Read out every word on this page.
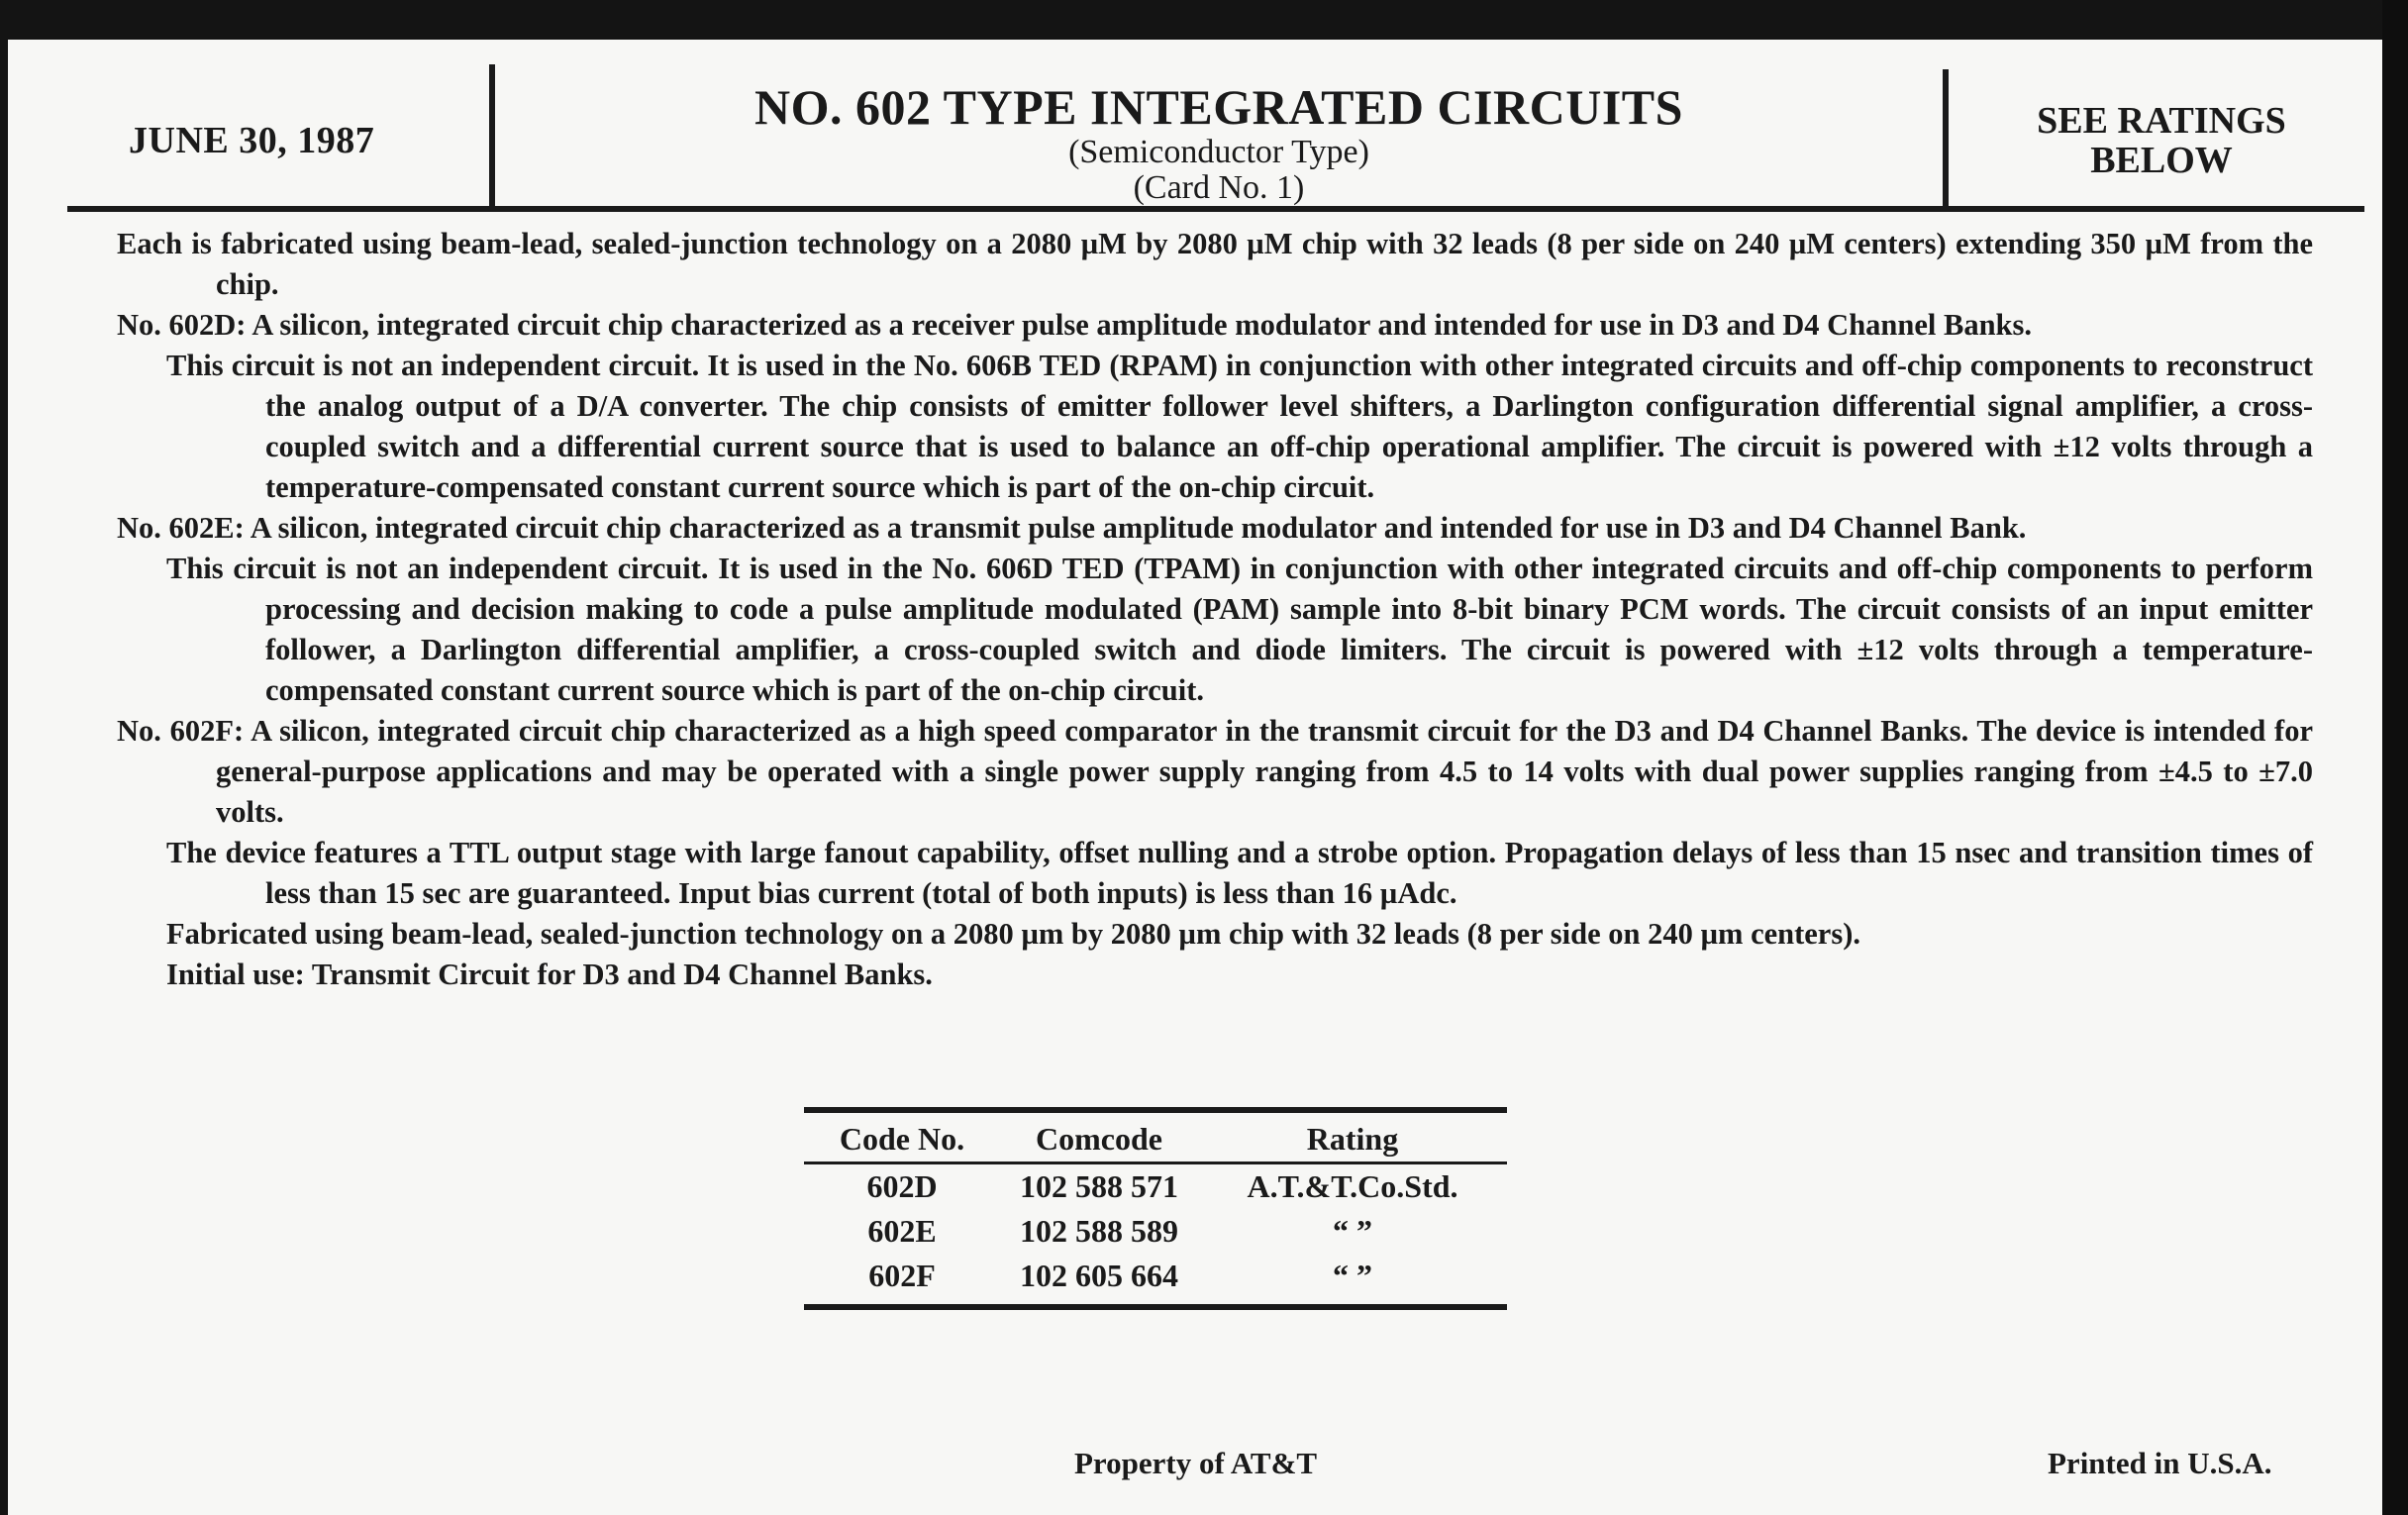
JUNE 30, 1987
NO. 602 TYPE INTEGRATED CIRCUITS
(Semiconductor Type)
(Card No. 1)
SEE RATINGS
BELOW

Each is fabricated using beam-lead, sealed-junction technology on a 2080 µM by 2080 µM chip with 32 leads (8 per side on 240 µM centers) extending 350 µM from the chip.

No. 602D: A silicon, integrated circuit chip characterized as a receiver pulse amplitude modulator and intended for use in D3 and D4 Channel Banks.

This circuit is not an independent circuit. It is used in the No. 606B TED (RPAM) in conjunction with other integrated circuits and off-chip components to reconstruct the analog output of a D/A converter. The chip consists of emitter follower level shifters, a Darlington configuration differential signal amplifier, a cross-coupled switch and a differential current source that is used to balance an off-chip operational amplifier. The circuit is powered with ±12 volts through a temperature-compensated constant current source which is part of the on-chip circuit.

No. 602E: A silicon, integrated circuit chip characterized as a transmit pulse amplitude modulator and intended for use in D3 and D4 Channel Bank.

This circuit is not an independent circuit. It is used in the No. 606D TED (TPAM) in conjunction with other integrated circuits and off-chip components to perform processing and decision making to code a pulse amplitude modulated (PAM) sample into 8-bit binary PCM words. The circuit consists of an input emitter follower, a Darlington differential amplifier, a cross-coupled switch and diode limiters. The circuit is powered with ±12 volts through a temperature-compensated constant current source which is part of the on-chip circuit.

No. 602F: A silicon, integrated circuit chip characterized as a high speed comparator in the transmit circuit for the D3 and D4 Channel Banks. The device is intended for general-purpose applications and may be operated with a single power supply ranging from 4.5 to 14 volts with dual power supplies ranging from ±4.5 to ±7.0 volts.

The device features a TTL output stage with large fanout capability, offset nulling and a strobe option. Propagation delays of less than 15 nsec and transition times of less than 15 sec are guaranteed. Input bias current (total of both inputs) is less than 16 µAdc.

Fabricated using beam-lead, sealed-junction technology on a 2080 µm by 2080 µm chip with 32 leads (8 per side on 240 µm centers).

Initial use: Transmit Circuit for D3 and D4 Channel Banks.

Code No.	Comcode	Rating
602D	102 588 571	A.T.&T.Co.Std.
602E	102 588 589	“ ”
602F	102 605 664	“ ”
Property of AT&T	Printed in U.S.A.
